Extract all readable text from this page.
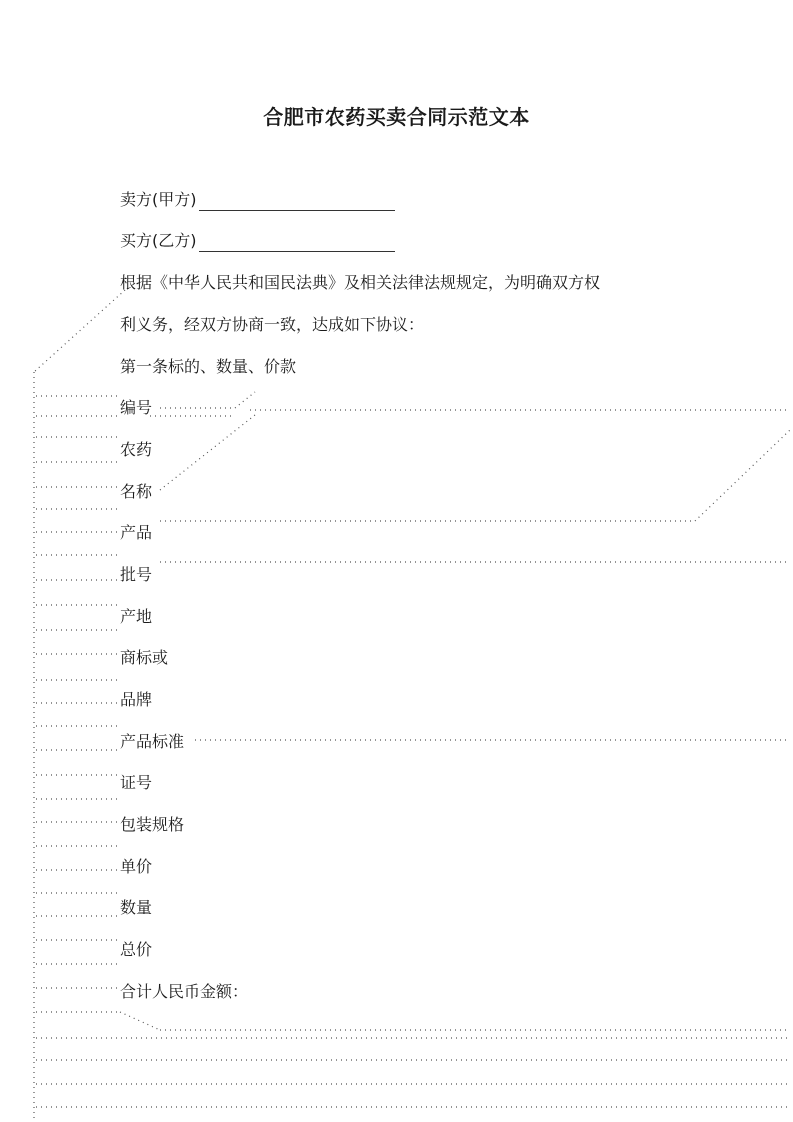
合肥市农药买卖合同示范文本
卖方(甲方)
买方(乙方)
根据《中华人民共和国民法典》及相关法律法规规定，为明确双方权
利义务，经双方协商一致，达成如下协议：
第一条标的、数量、价款
编号
农药
名称
产品
批号
产地
商标或
品牌
产品标准
证号
包装规格
单价
数量
总价
合计人民币金额：
